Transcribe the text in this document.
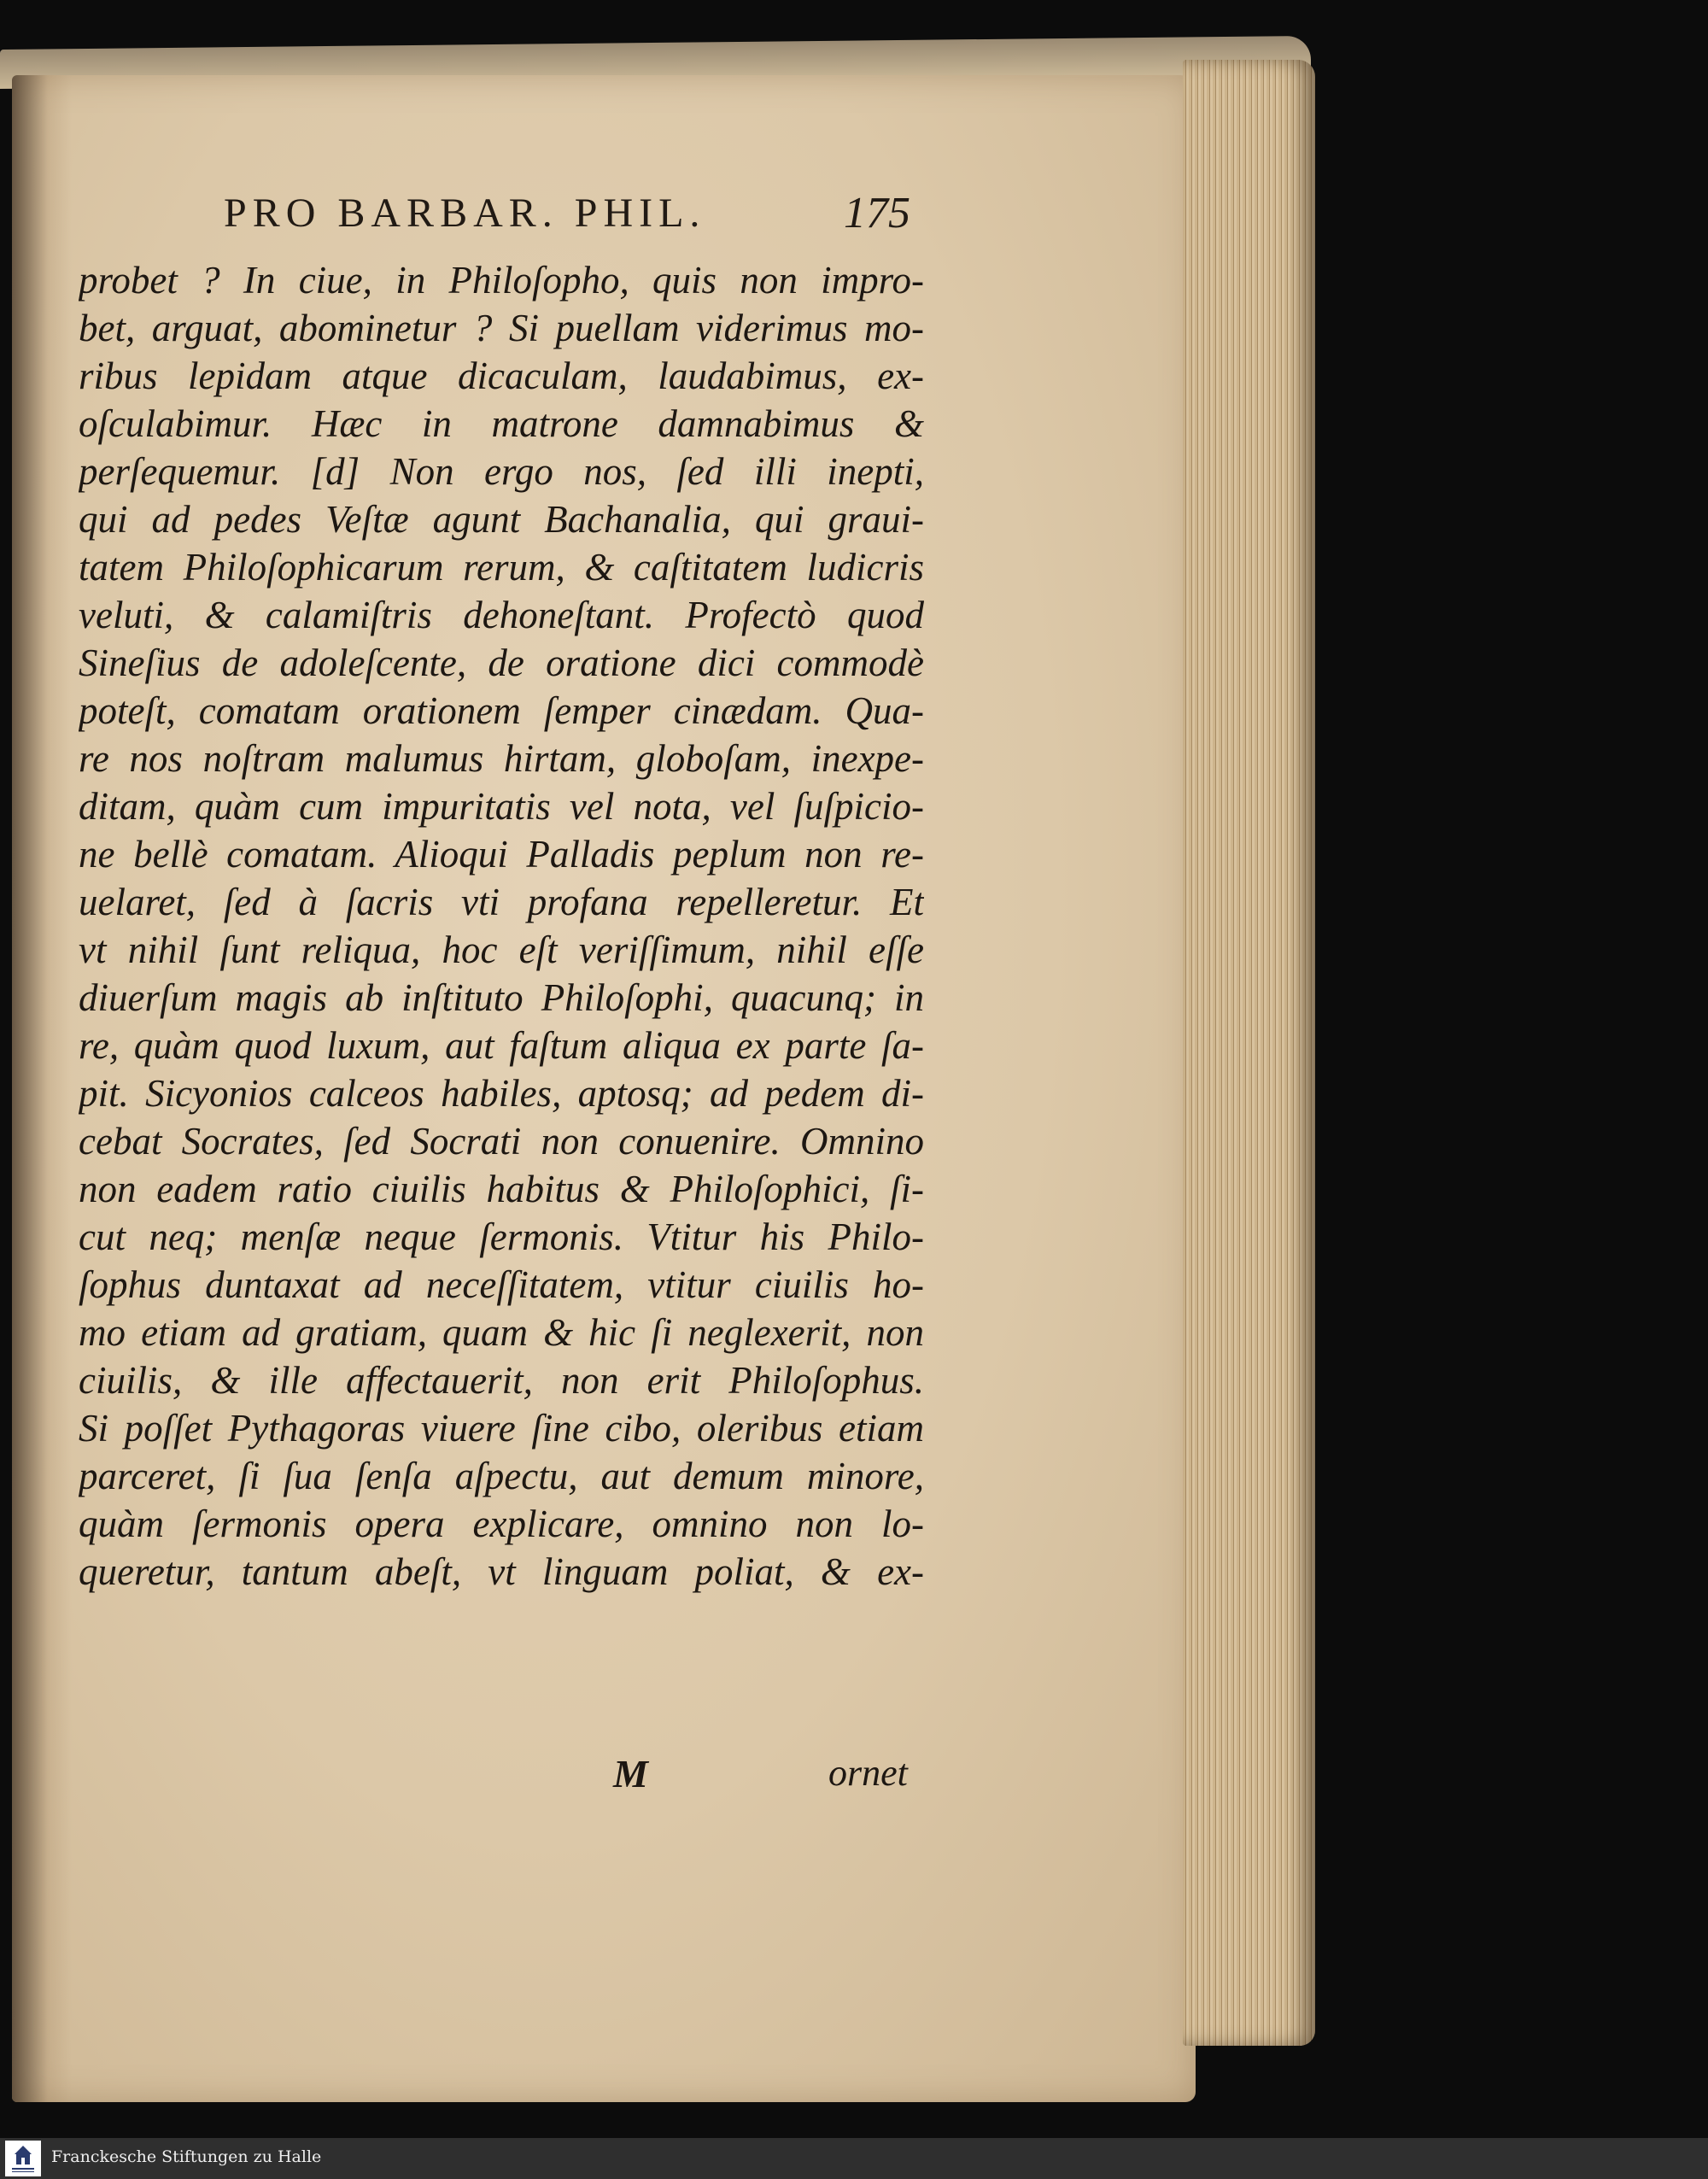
PRO BARBAR. PHIL.	175
probet ? In ciue, in Philoſopho, quis non impro-
bet, arguat, abominetur ? Si puellam viderimus mo-
ribus lepidam atque dicaculam, laudabimus, ex-
oſculabimur. Hæc in matrone damnabimus &
perſequemur. [d] Non ergo nos, ſed illi inepti,
qui ad pedes Veſtæ agunt Bachanalia, qui graui-
tatem Philoſophicarum rerum, & caſtitatem ludicris
veluti, & calamiſtris dehoneſtant. Profectò quod
Sineſius de adoleſcente, de oratione dici commodè
poteſt, comatam orationem ſemper cinædam. Qua-
re nos noſtram malumus hirtam, globoſam, inexpe-
ditam, quàm cum impuritatis vel nota, vel ſuſpicio-
ne bellè comatam. Alioqui Palladis peplum non re-
uelaret, ſed à ſacris vti profana repelleretur. Et
vt nihil ſunt reliqua, hoc eſt veriſſimum, nihil eſſe
diuerſum magis ab inſtituto Philoſophi, quacunq; in
re, quàm quod luxum, aut faſtum aliqua ex parte ſa-
pit. Sicyonios calceos habiles, aptosq; ad pedem di-
cebat Socrates, ſed Socrati non conuenire. Omnino
non eadem ratio ciuilis habitus & Philoſophici, ſi-
cut neq; menſæ neque ſermonis. Vtitur his Philo-
ſophus duntaxat ad neceſſitatem, vtitur ciuilis ho-
mo etiam ad gratiam, quam & hic ſi neglexerit, non
ciuilis, & ille affectauerit, non erit Philoſophus.
Si poſſet Pythagoras viuere ſine cibo, oleribus etiam
parceret, ſi ſua ſenſa aſpectu, aut demum minore,
quàm ſermonis opera explicare, omnino non lo-
queretur, tantum abeſt, vt linguam poliat, & ex-
M	ornet
Franckesche Stiftungen zu Halle
